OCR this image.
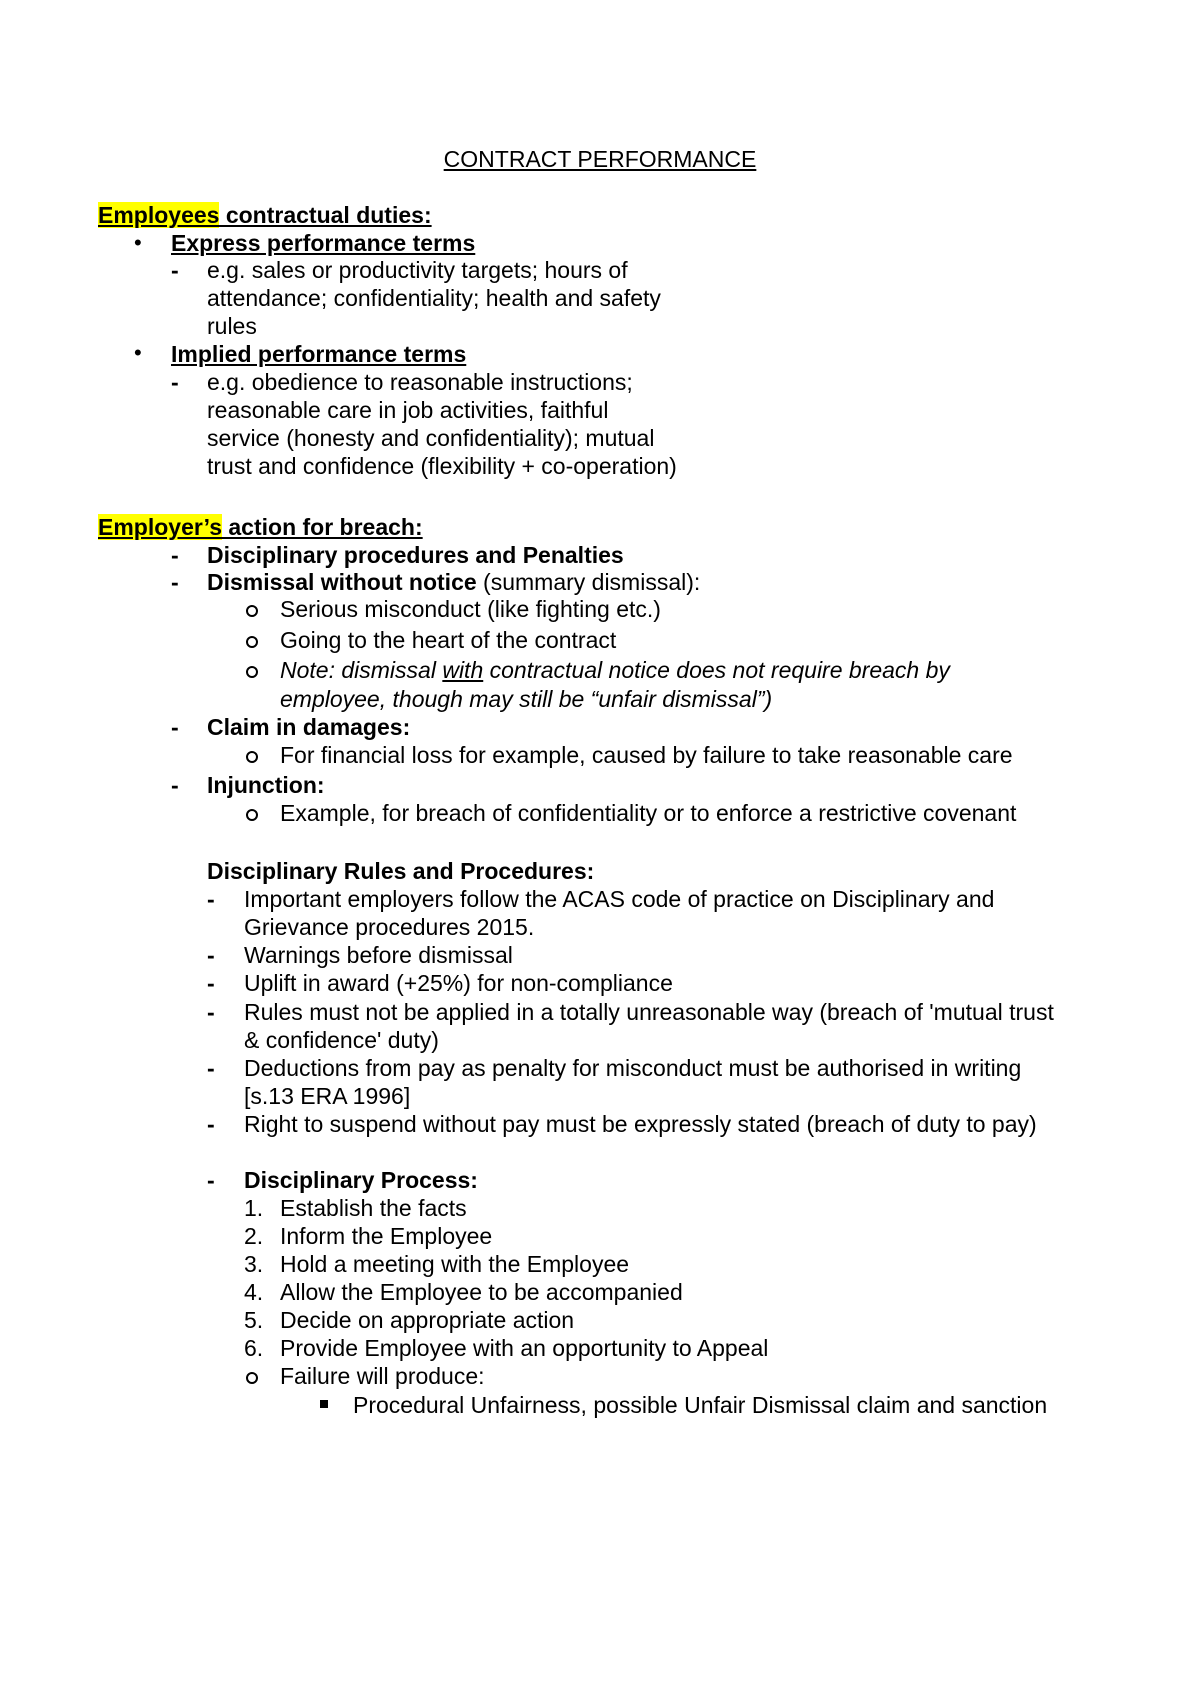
CONTRACT PERFORMANCE
Employees contractual duties:
• Express performance terms
- e.g. sales or productivity targets; hours of
attendance; confidentiality; health and safety
rules
• Implied performance terms
- e.g. obedience to reasonable instructions;
reasonable care in job activities, faithful
service (honesty and confidentiality); mutual
trust and confidence (flexibility + co-operation)
Employer’s action for breach:
- Disciplinary procedures and Penalties
- Dismissal without notice (summary dismissal):
Serious misconduct (like fighting etc.)
Going to the heart of the contract
Note: dismissal with contractual notice does not require breach by
employee, though may still be “unfair dismissal”)
- Claim in damages:
For financial loss for example, caused by failure to take reasonable care
- Injunction:
Example, for breach of confidentiality or to enforce a restrictive covenant
Disciplinary Rules and Procedures:
- Important employers follow the ACAS code of practice on Disciplinary and
Grievance procedures 2015.
- Warnings before dismissal
- Uplift in award (+25%) for non-compliance
- Rules must not be applied in a totally unreasonable way (breach of 'mutual trust
& confidence' duty)
- Deductions from pay as penalty for misconduct must be authorised in writing
[s.13 ERA 1996]
- Right to suspend without pay must be expressly stated (breach of duty to pay)
- Disciplinary Process:
1. Establish the facts
2. Inform the Employee
3. Hold a meeting with the Employee
4. Allow the Employee to be accompanied
5. Decide on appropriate action
6. Provide Employee with an opportunity to Appeal
Failure will produce:
Procedural Unfairness, possible Unfair Dismissal claim and sanction
